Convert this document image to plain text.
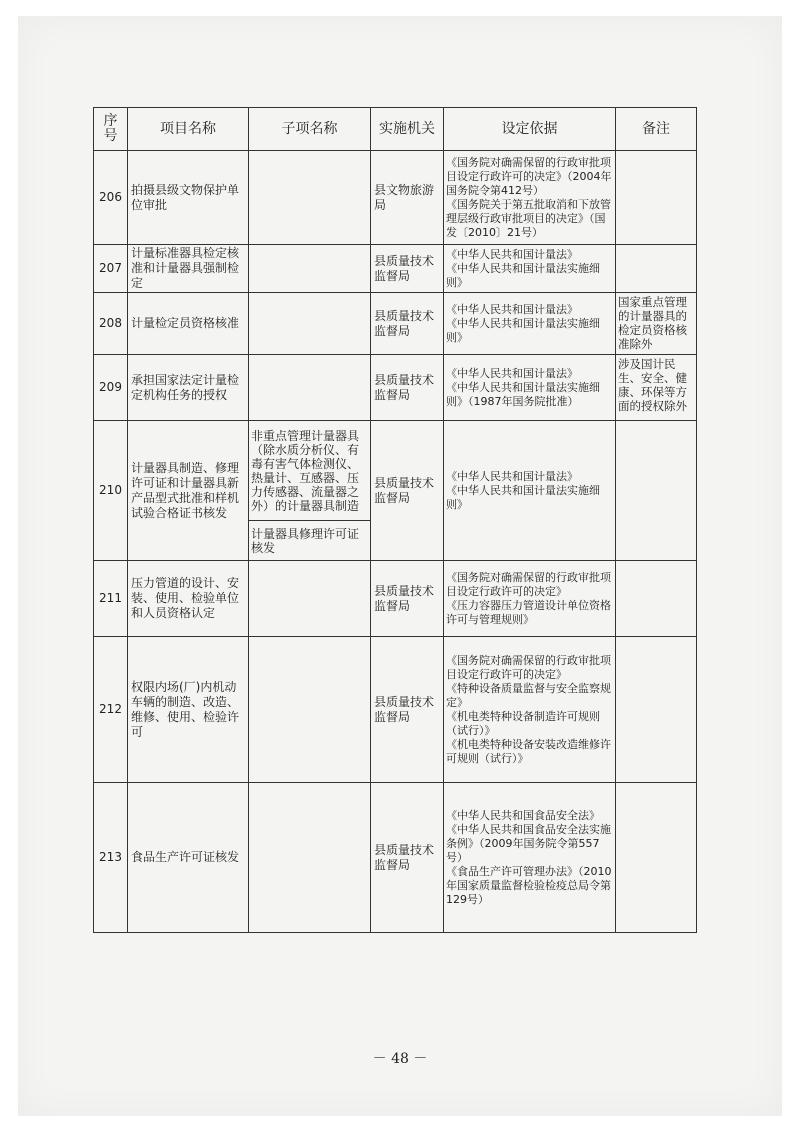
序号	项目名称	子项名称	实施机关	设定依据	备注
206	拍摄县级文物保护单位审批		县文物旅游局	《国务院对确需保留的行政审批项目设定行政许可的决定》（2004年国务院令第412号）
《国务院关于第五批取消和下放管理层级行政审批项目的决定》（国发〔2010〕21号）	

207	计量标准器具检定核准和计量器具强制检定		县质量技术监督局	《中华人民共和国计量法》
《中华人民共和国计量法实施细则》	

208	计量检定员资格核准		县质量技术监督局	《中华人民共和国计量法》
《中华人民共和国计量法实施细则》	国家重点管理的计量器具的检定员资格核准除外
209	承担国家法定计量检定机构任务的授权		县质量技术监督局	《中华人民共和国计量法》
《中华人民共和国计量法实施细则》（1987年国务院批准）	涉及国计民生、安全、健康、环保等方面的授权除外
210	计量器具制造、修理许可证和计量器具新产品型式批准和样机试验合格证书核发	非重点管理计量器具（除水质分析仪、有毒有害气体检测仪、热量计、互感器、压力传感器、流量器之外）的计量器具制造	县质量技术监督局	《中华人民共和国计量法》
《中华人民共和国计量法实施细则》	

		计量器具修理许可证核发			
211	压力管道的设计、安装、使用、检验单位和人员资格认定		县质量技术监督局	《国务院对确需保留的行政审批项目设定行政许可的决定》
《压力容器压力管道设计单位资格许可与管理规则》	

212	权限内场(厂)内机动车辆的制造、改造、维修、使用、检验许可		县质量技术监督局	《国务院对确需保留的行政审批项目设定行政许可的决定》
《特种设备质量监督与安全监察规定》
《机电类特种设备制造许可规则（试行）》
《机电类特种设备安装改造维修许可规则（试行）》	

213	食品生产许可证核发		县质量技术监督局	《中华人民共和国食品安全法》
《中华人民共和国食品安全法实施条例》（2009年国务院令第557号）
《食品生产许可管理办法》（2010年国家质量监督检验检疫总局令第129号）	

－ 48 －
